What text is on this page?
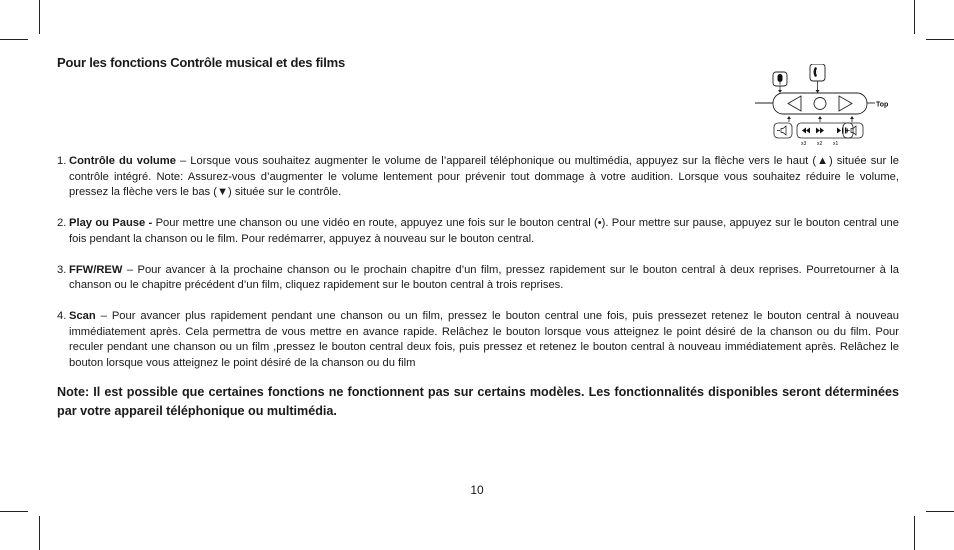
Pour les fonctions Contrôle musical et des films
Top
x3 x2 x1
1. Contrôle du volume – Lorsque vous souhaitez augmenter le volume de l’appareil téléphonique ou multimédia, appuyez sur la flèche vers le haut (▲) située sur le contrôle intégré. Note: Assurez-vous d’augmenter le volume lentement pour prévenir tout dommage à votre audition. Lorsque vous souhaitez réduire le volume, pressez la flèche vers le bas (▼) située sur le contrôle.
2. Play ou Pause - Pour mettre une chanson ou une vidéo en route, appuyez une fois sur le bouton central (•). Pour mettre sur pause, appuyez sur le bouton central une fois pendant la chanson ou le film. Pour redémarrer, appuyez à nouveau sur le bouton central.
3. FFW/REW – Pour avancer à la prochaine chanson ou le prochain chapitre d’un film, pressez rapidement sur le bouton central à deux reprises. Pourretourner à la chanson ou le chapitre précédent d’un film, cliquez rapidement sur le bouton central à trois reprises.
4. Scan – Pour avancer plus rapidement pendant une chanson ou un film, pressez le bouton central une fois, puis pressezet retenez le bouton central à nouveau immédiatement après. Cela permettra de vous mettre en avance rapide. Relâchez le bouton lorsque vous atteignez le point désiré de la chanson ou du film. Pour reculer pendant une chanson ou un film ,pressez le bouton central deux fois, puis pressez et retenez le bouton central à nouveau immédiatement après. Relâchez le bouton lorsque vous atteignez le point désiré de la chanson ou du film
Note: Il est possible que certaines fonctions ne fonctionnent pas sur certains modèles. Les fonctionnalités disponibles seront déterminées par votre appareil téléphonique ou multimédia.
10
